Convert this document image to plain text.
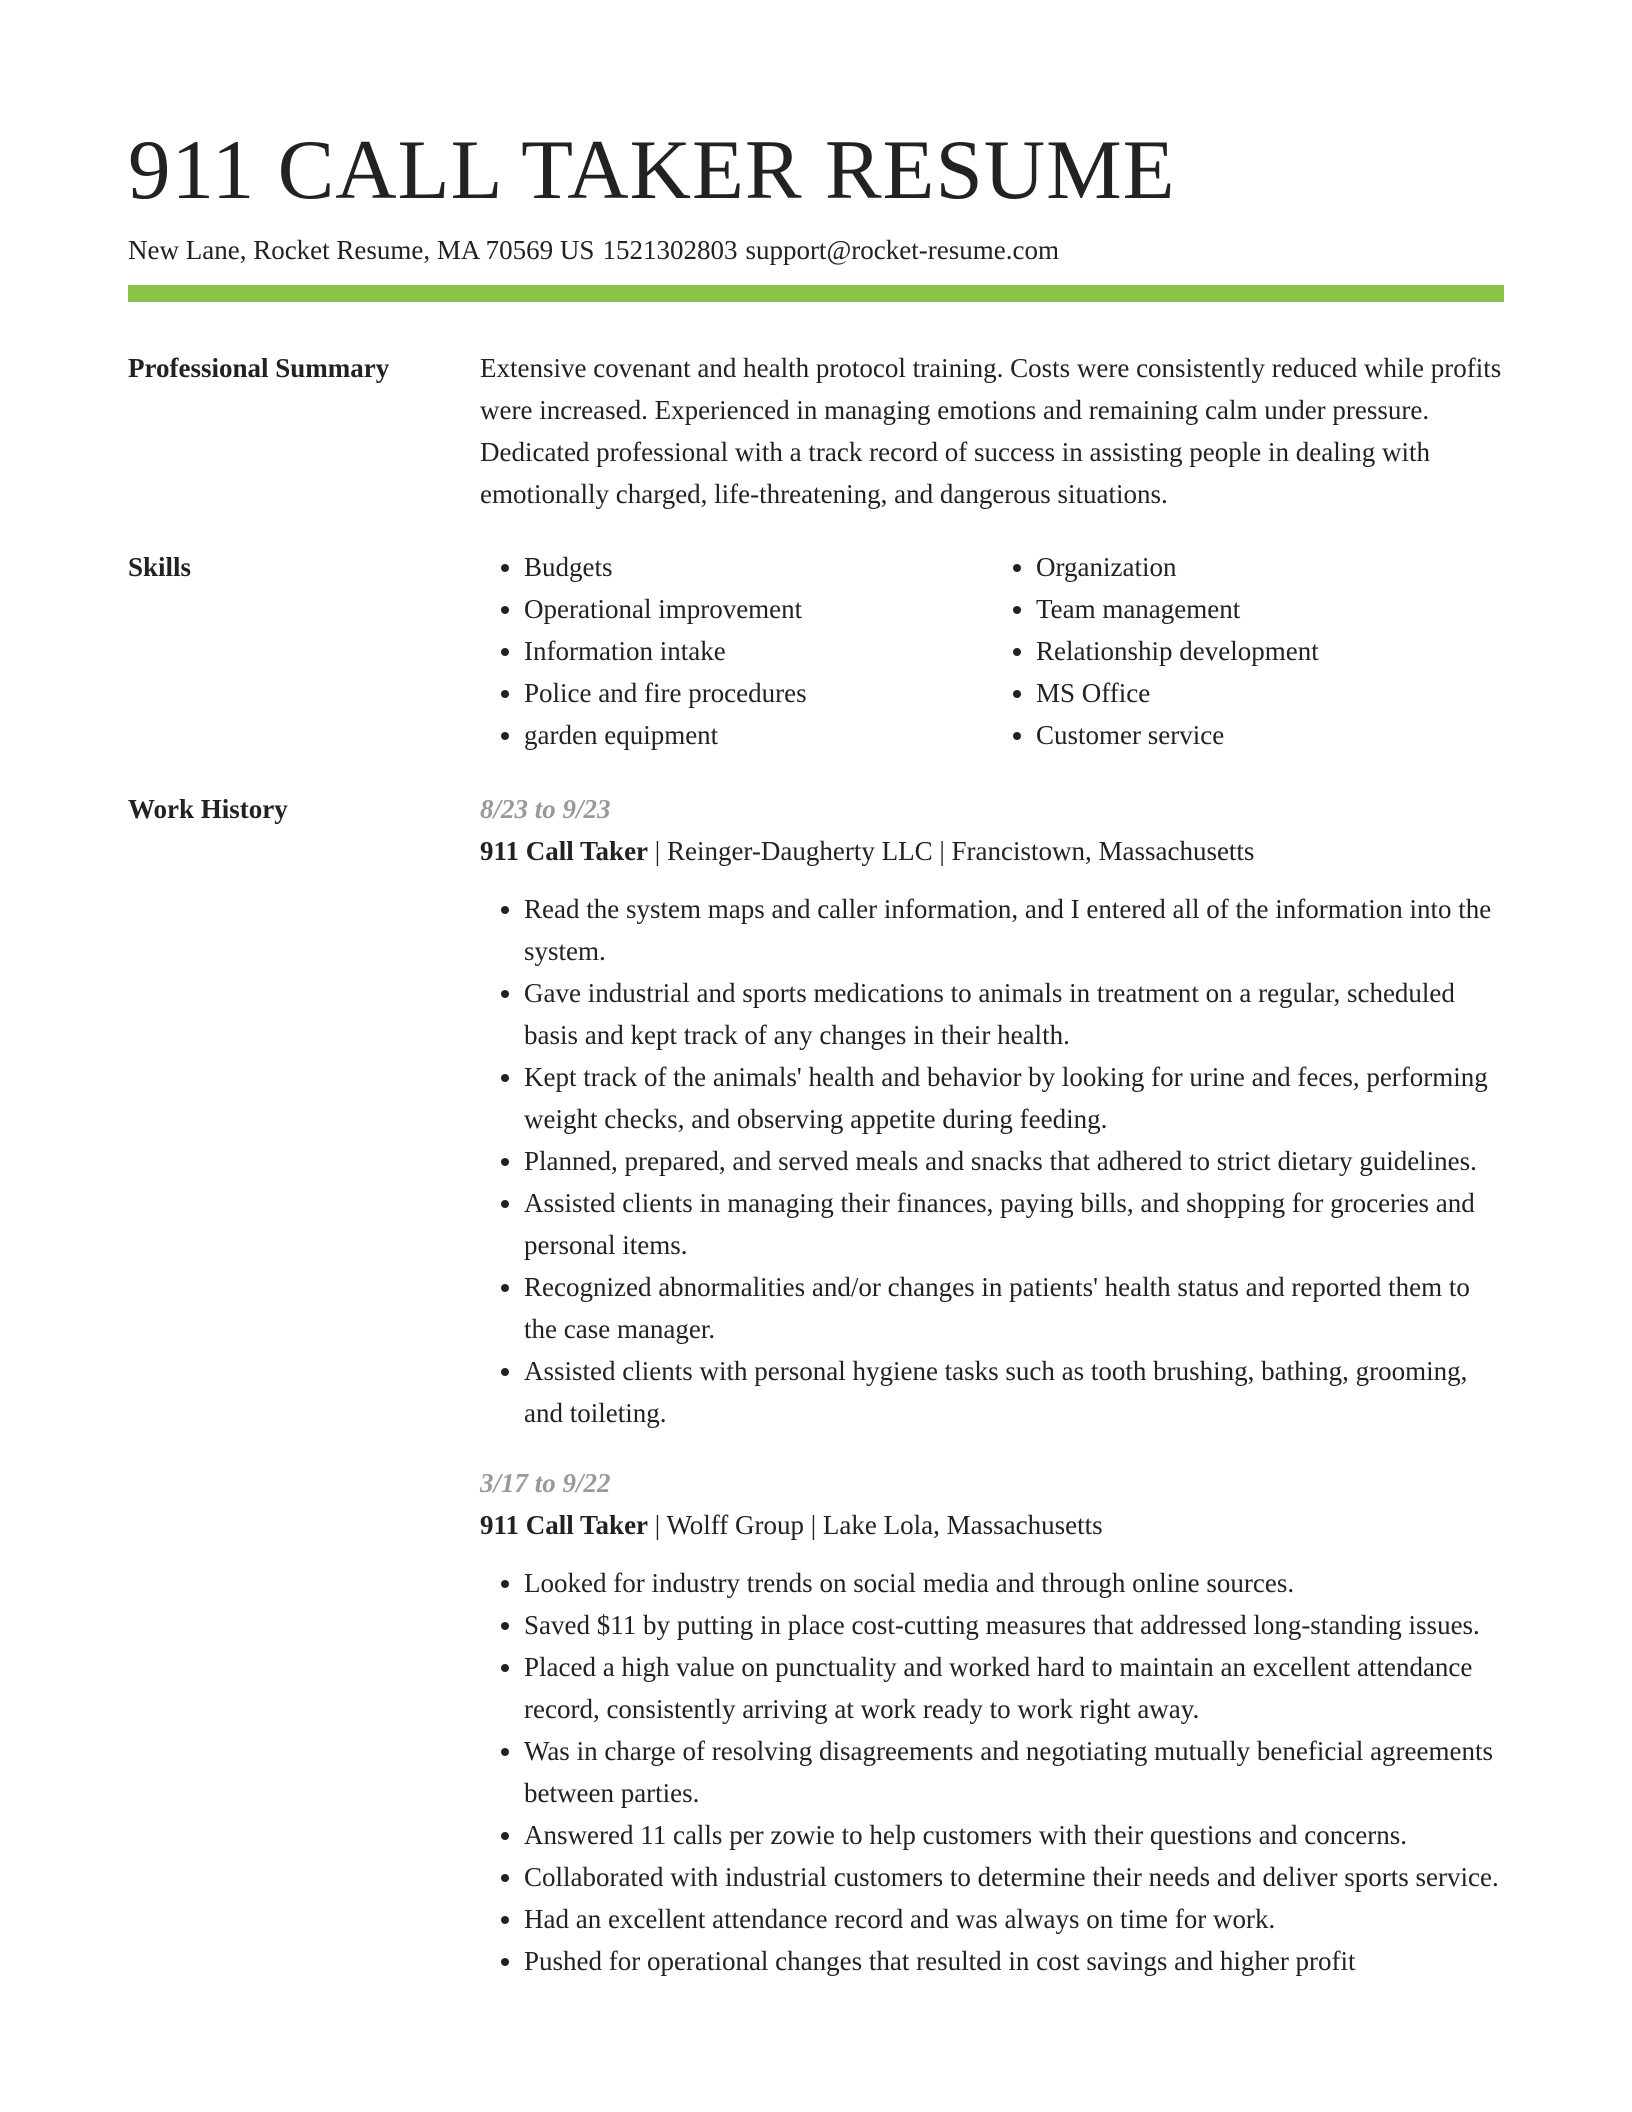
911 CALL TAKER RESUME
New Lane, Rocket Resume, MA 70569 US 1521302803 support@rocket-resume.com
Professional Summary	Extensive covenant and health protocol training. Costs were consistently reduced while profits were increased. Experienced in managing emotions and remaining calm under pressure. Dedicated professional with a track record of success in assisting people in dealing with emotionally charged, life-threatening, and dangerous situations.

Skills
•	Budgets
• Operational improvement
• Information intake
• Police and fire procedures
• garden equipment
• Organization
• Team management
• Relationship development
• MS Office
• Customer service
Work History	8/23 to 9/23
911 Call Taker | Reinger-Daugherty LLC | Francistown, Massachusetts
• Read the system maps and caller information, and I entered all of the information into the system.
• Gave industrial and sports medications to animals in treatment on a regular, scheduled basis and kept track of any changes in their health.
• Kept track of the animals' health and behavior by looking for urine and feces, performing weight checks, and observing appetite during feeding.
• Planned, prepared, and served meals and snacks that adhered to strict dietary guidelines.
• Assisted clients in managing their finances, paying bills, and shopping for groceries and personal items.
• Recognized abnormalities and/or changes in patients' health status and reported them to the case manager.
• Assisted clients with personal hygiene tasks such as tooth brushing, bathing, grooming, and toileting.
3/17 to 9/22
911 Call Taker | Wolff Group | Lake Lola, Massachusetts
• Looked for industry trends on social media and through online sources.
• Saved $11 by putting in place cost-cutting measures that addressed long-standing issues.
• Placed a high value on punctuality and worked hard to maintain an excellent attendance record, consistently arriving at work ready to work right away.
• Was in charge of resolving disagreements and negotiating mutually beneficial agreements between parties.
• Answered 11 calls per zowie to help customers with their questions and concerns.
• Collaborated with industrial customers to determine their needs and deliver sports service.
• Had an excellent attendance record and was always on time for work.
• Pushed for operational changes that resulted in cost savings and higher profit
